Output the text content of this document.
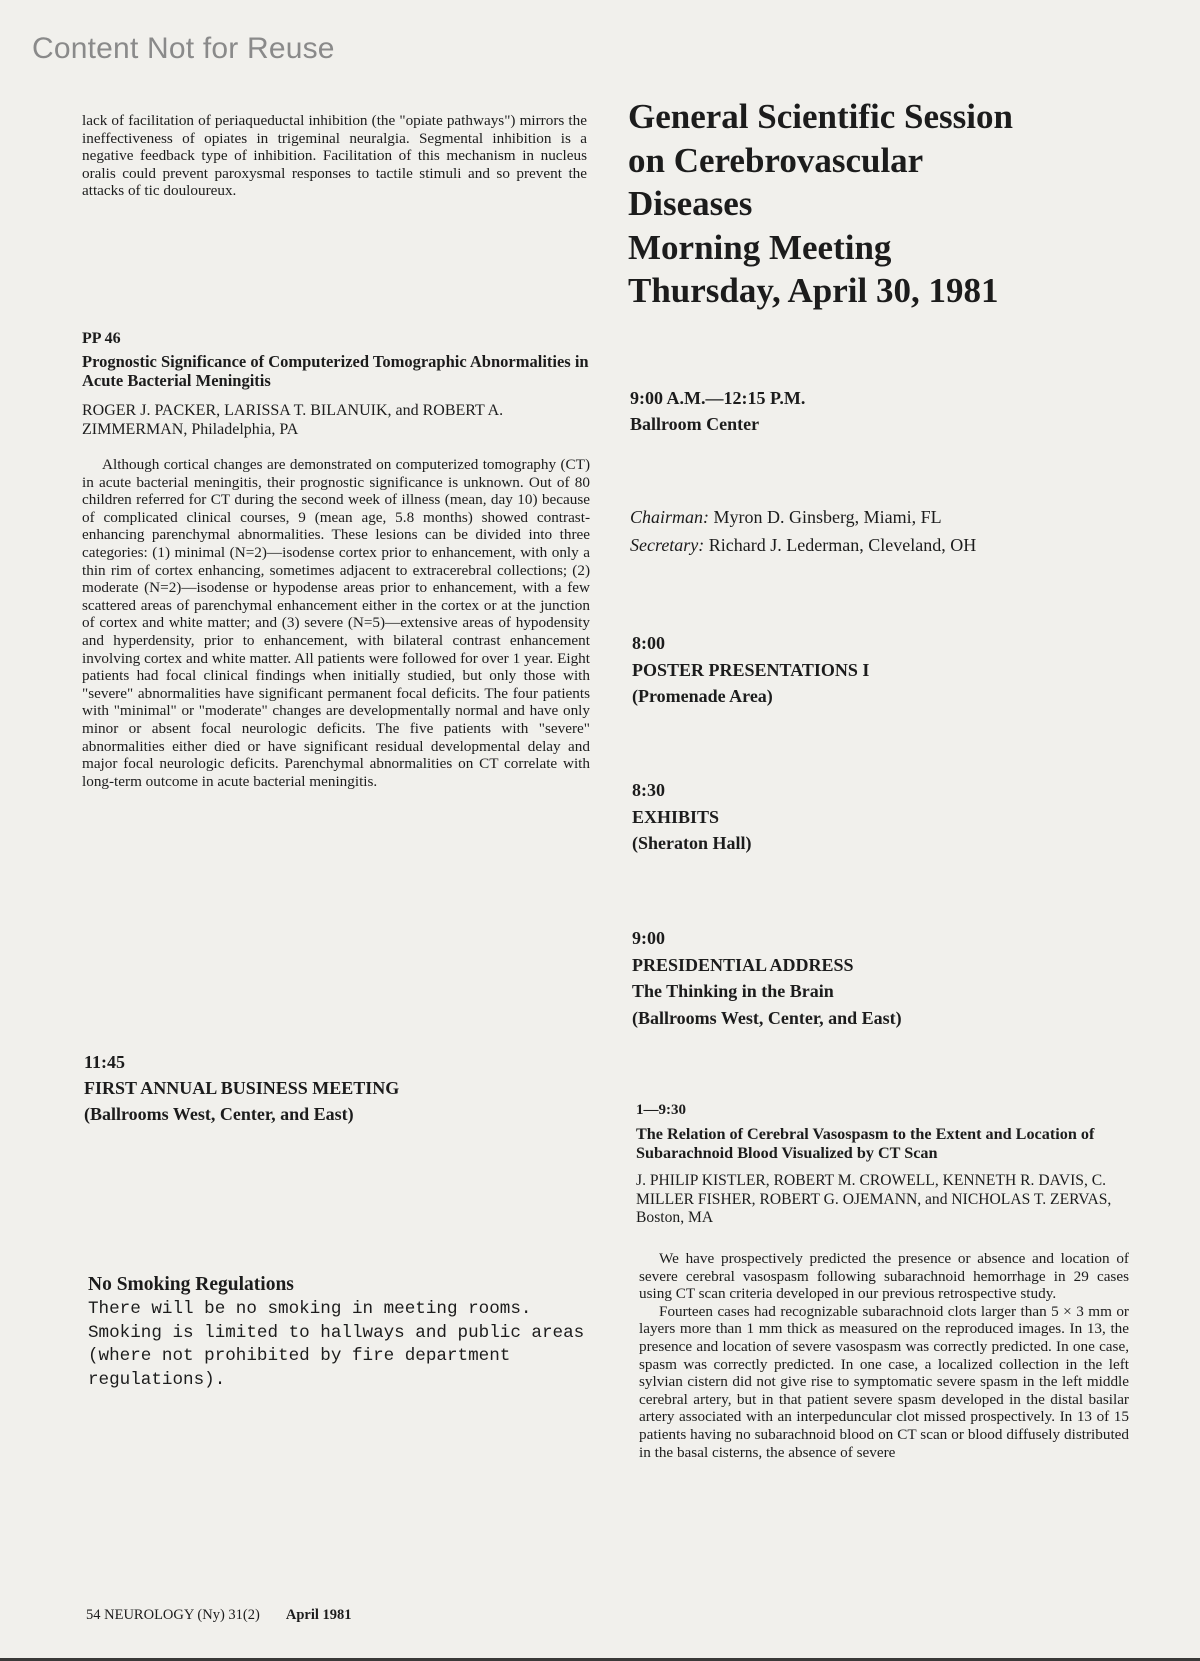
Content Not for Reuse

lack of facilitation of periaqueductal inhibition (the "opiate pathways") mirrors the ineffectiveness of opiates in trigeminal neuralgia. Segmental inhibition is a negative feedback type of inhibition. Facilitation of this mechanism in nucleus oralis could prevent paroxysmal responses to tactile stimuli and so prevent the attacks of tic douloureux.

PP 46
Prognostic Significance of Computerized Tomographic Abnormalities in Acute Bacterial Meningitis
ROGER J. PACKER, LARISSA T. BILANUIK, and ROBERT A. ZIMMERMAN, Philadelphia, PA

Although cortical changes are demonstrated on computerized tomography (CT) in acute bacterial meningitis, their prognostic significance is unknown. Out of 80 children referred for CT during the second week of illness (mean, day 10) because of complicated clinical courses, 9 (mean age, 5.8 months) showed contrast-enhancing parenchymal abnormalities. These lesions can be divided into three categories: (1) minimal (N=2)—isodense cortex prior to enhancement, with only a thin rim of cortex enhancing, sometimes adjacent to extracerebral collections; (2) moderate (N=2)—isodense or hypodense areas prior to enhancement, with a few scattered areas of parenchymal enhancement either in the cortex or at the junction of cortex and white matter; and (3) severe (N=5)—extensive areas of hypodensity and hyperdensity, prior to enhancement, with bilateral contrast enhancement involving cortex and white matter. All patients were followed for over 1 year. Eight patients had focal clinical findings when initially studied, but only those with "severe" abnormalities have significant permanent focal deficits. The four patients with "minimal" or "moderate" changes are developmentally normal and have only minor or absent focal neurologic deficits. The five patients with "severe" abnormalities either died or have significant residual developmental delay and major focal neurologic deficits. Parenchymal abnormalities on CT correlate with long-term outcome in acute bacterial meningitis.

11:45
FIRST ANNUAL BUSINESS MEETING
(Ballrooms West, Center, and East)

No Smoking Regulations

There will be no smoking in meeting rooms. Smoking is limited to hallways and public areas (where not prohibited by fire department regulations).

General Scientific Session
on Cerebrovascular
Diseases
Morning Meeting
Thursday, April 30, 1981
9:00 A.M.—12:15 P.M.
Ballroom Center
Chairman: Myron D. Ginsberg, Miami, FL
Secretary: Richard J. Lederman, Cleveland, OH
8:00
POSTER PRESENTATIONS I
(Promenade Area)
8:30
EXHIBITS
(Sheraton Hall)
9:00
PRESIDENTIAL ADDRESS
The Thinking in the Brain
(Ballrooms West, Center, and East)
1—9:30
The Relation of Cerebral Vasospasm to the Extent and Location of Subarachnoid Blood Visualized by CT Scan
J. PHILIP KISTLER, ROBERT M. CROWELL, KENNETH R. DAVIS, C. MILLER FISHER, ROBERT G. OJEMANN, and NICHOLAS T. ZERVAS, Boston, MA

We have prospectively predicted the presence or absence and location of severe cerebral vasospasm following subarachnoid hemorrhage in 29 cases using CT scan criteria developed in our previous retrospective study.

Fourteen cases had recognizable subarachnoid clots larger than 5 × 3 mm or layers more than 1 mm thick as measured on the reproduced images. In 13, the presence and location of severe vasospasm was correctly predicted. In one case, spasm was correctly predicted. In one case, a localized collection in the left sylvian cistern did not give rise to symptomatic severe spasm in the left middle cerebral artery, but in that patient severe spasm developed in the distal basilar artery associated with an interpeduncular clot missed prospectively. In 13 of 15 patients having no subarachnoid blood on CT scan or blood diffusely distributed in the basal cisterns, the absence of severe

54 NEUROLOGY (Ny) 31(2) April 1981
